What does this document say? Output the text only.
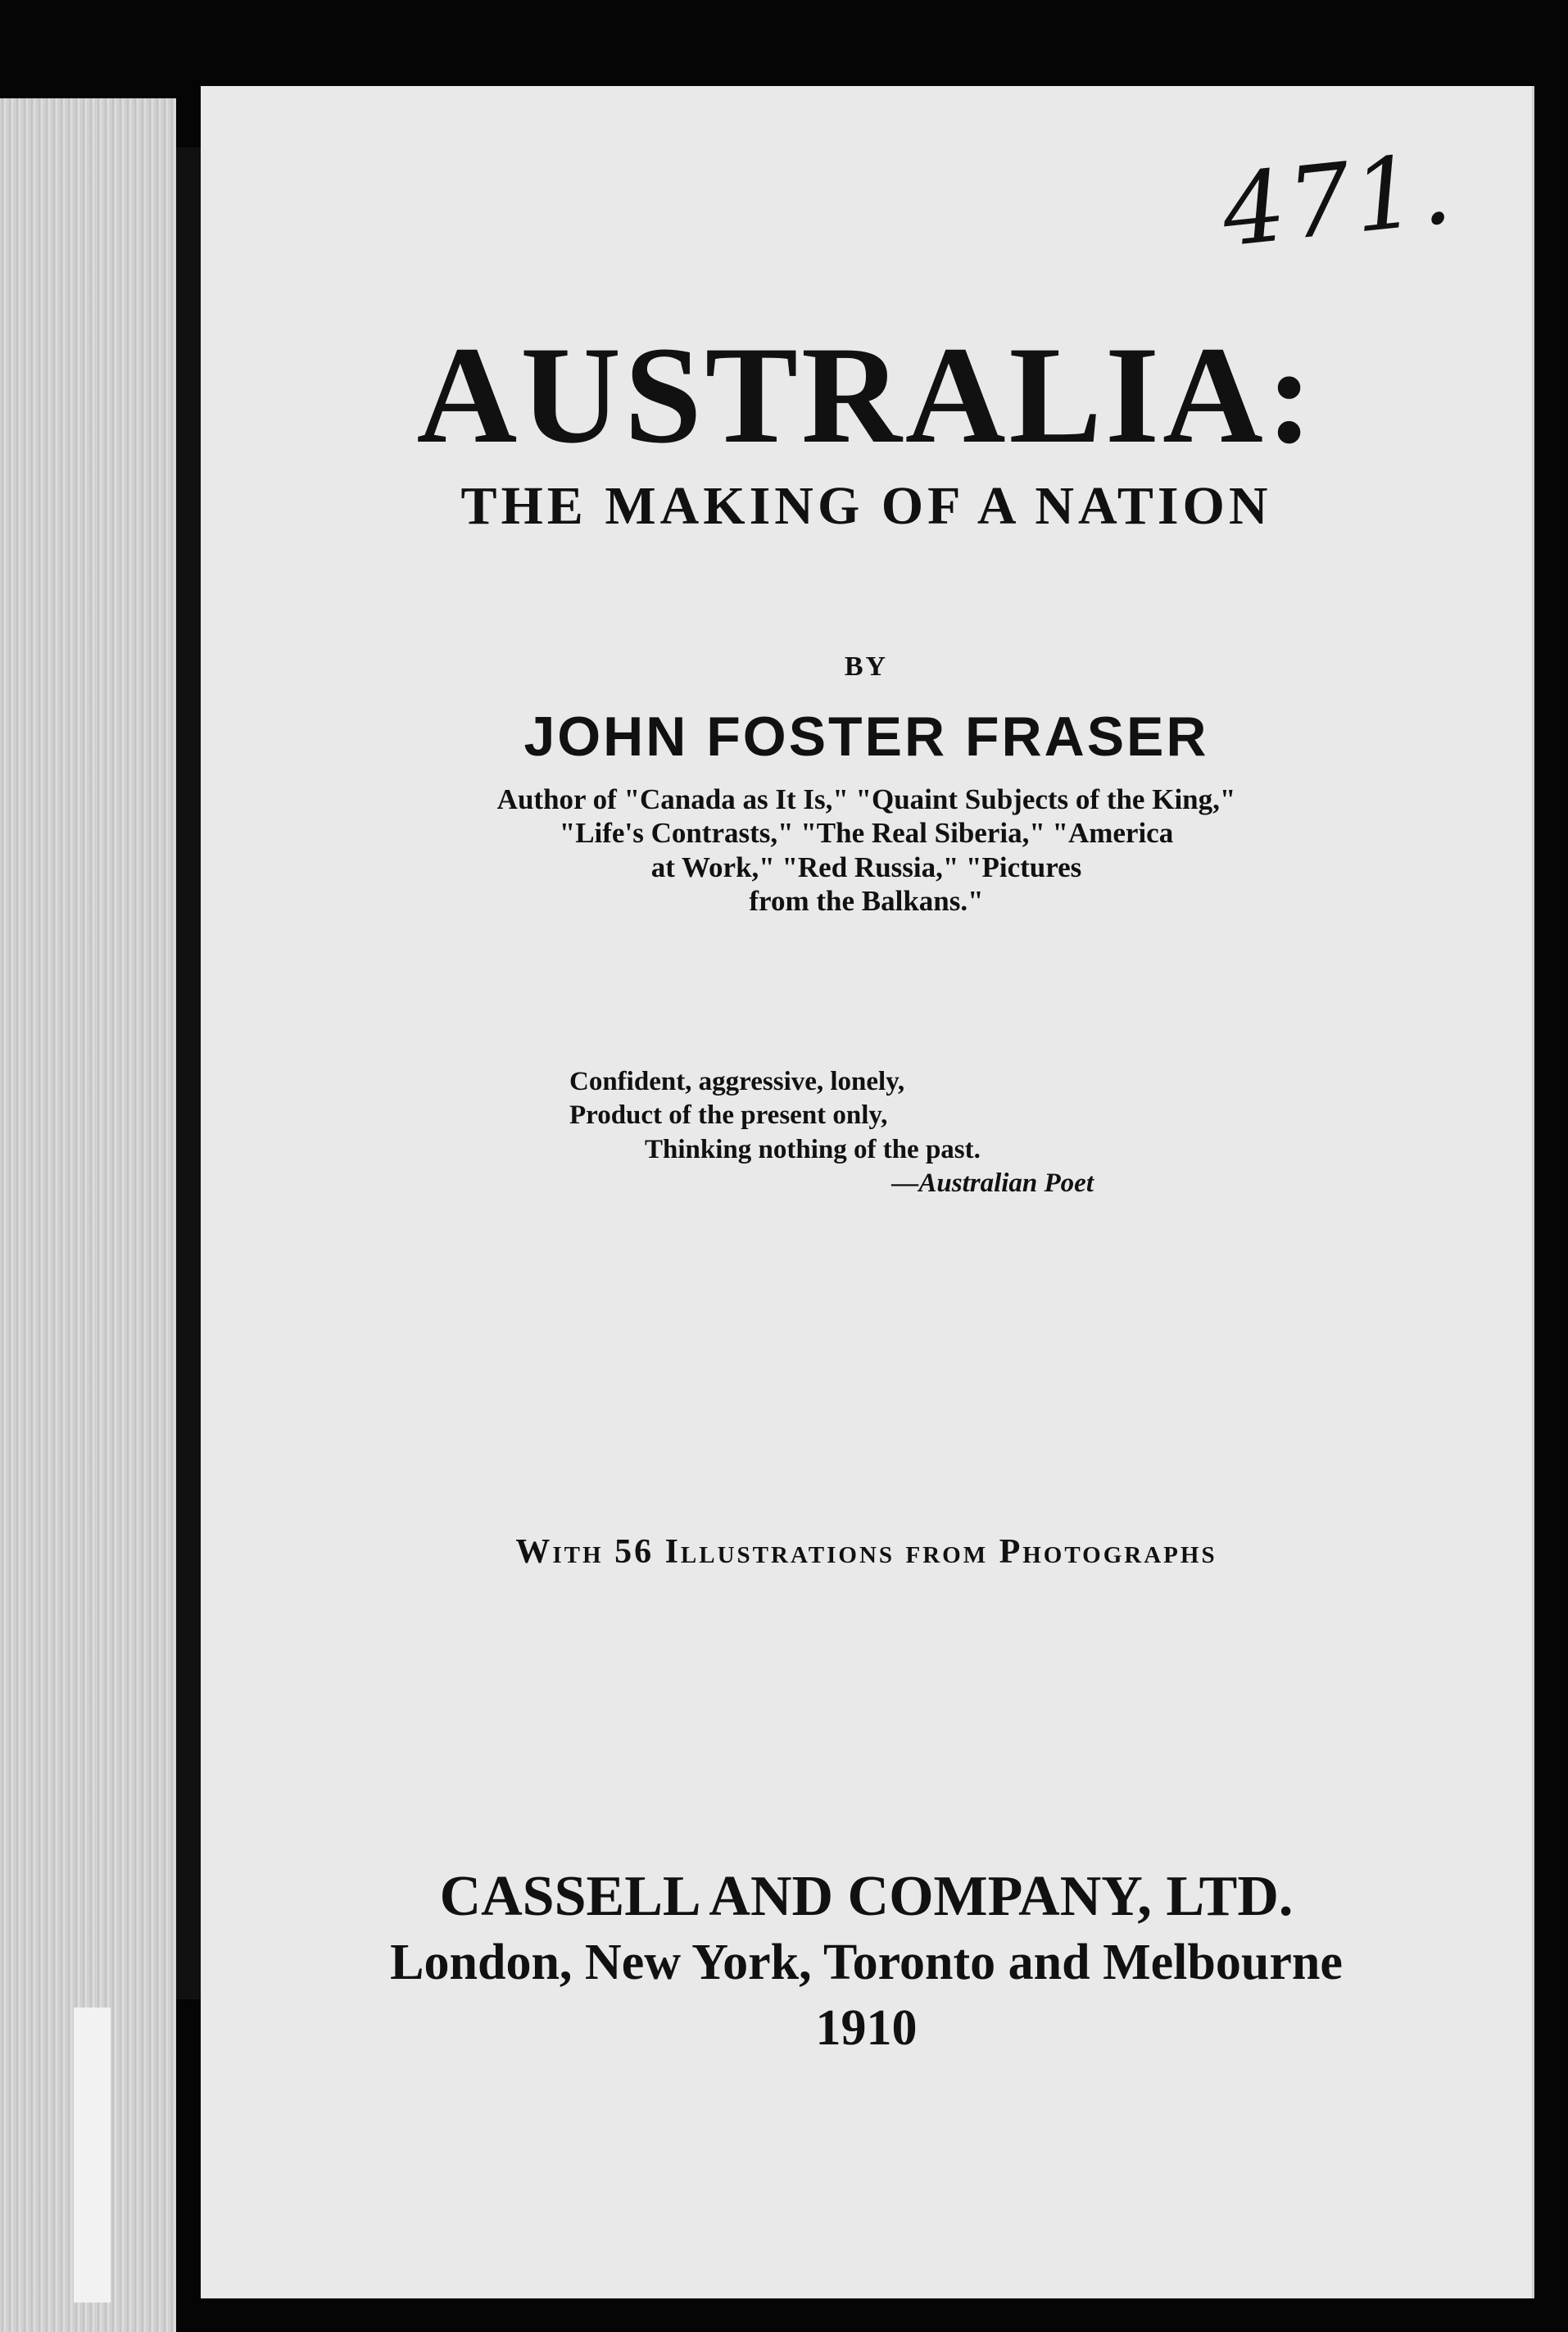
471.
AUSTRALIA:
THE MAKING OF A NATION
BY
JOHN FOSTER FRASER
Author of "Canada as It Is," "Quaint Subjects of the King,"
"Life's Contrasts," "The Real Siberia," "America
at Work," "Red Russia," "Pictures
from the Balkans."
Confident, aggressive, lonely,
Product of the present only,
Thinking nothing of the past.
—Australian Poet
With 56 Illustrations from Photographs
CASSELL AND COMPANY, LTD.
London, New York, Toronto and Melbourne
1910
